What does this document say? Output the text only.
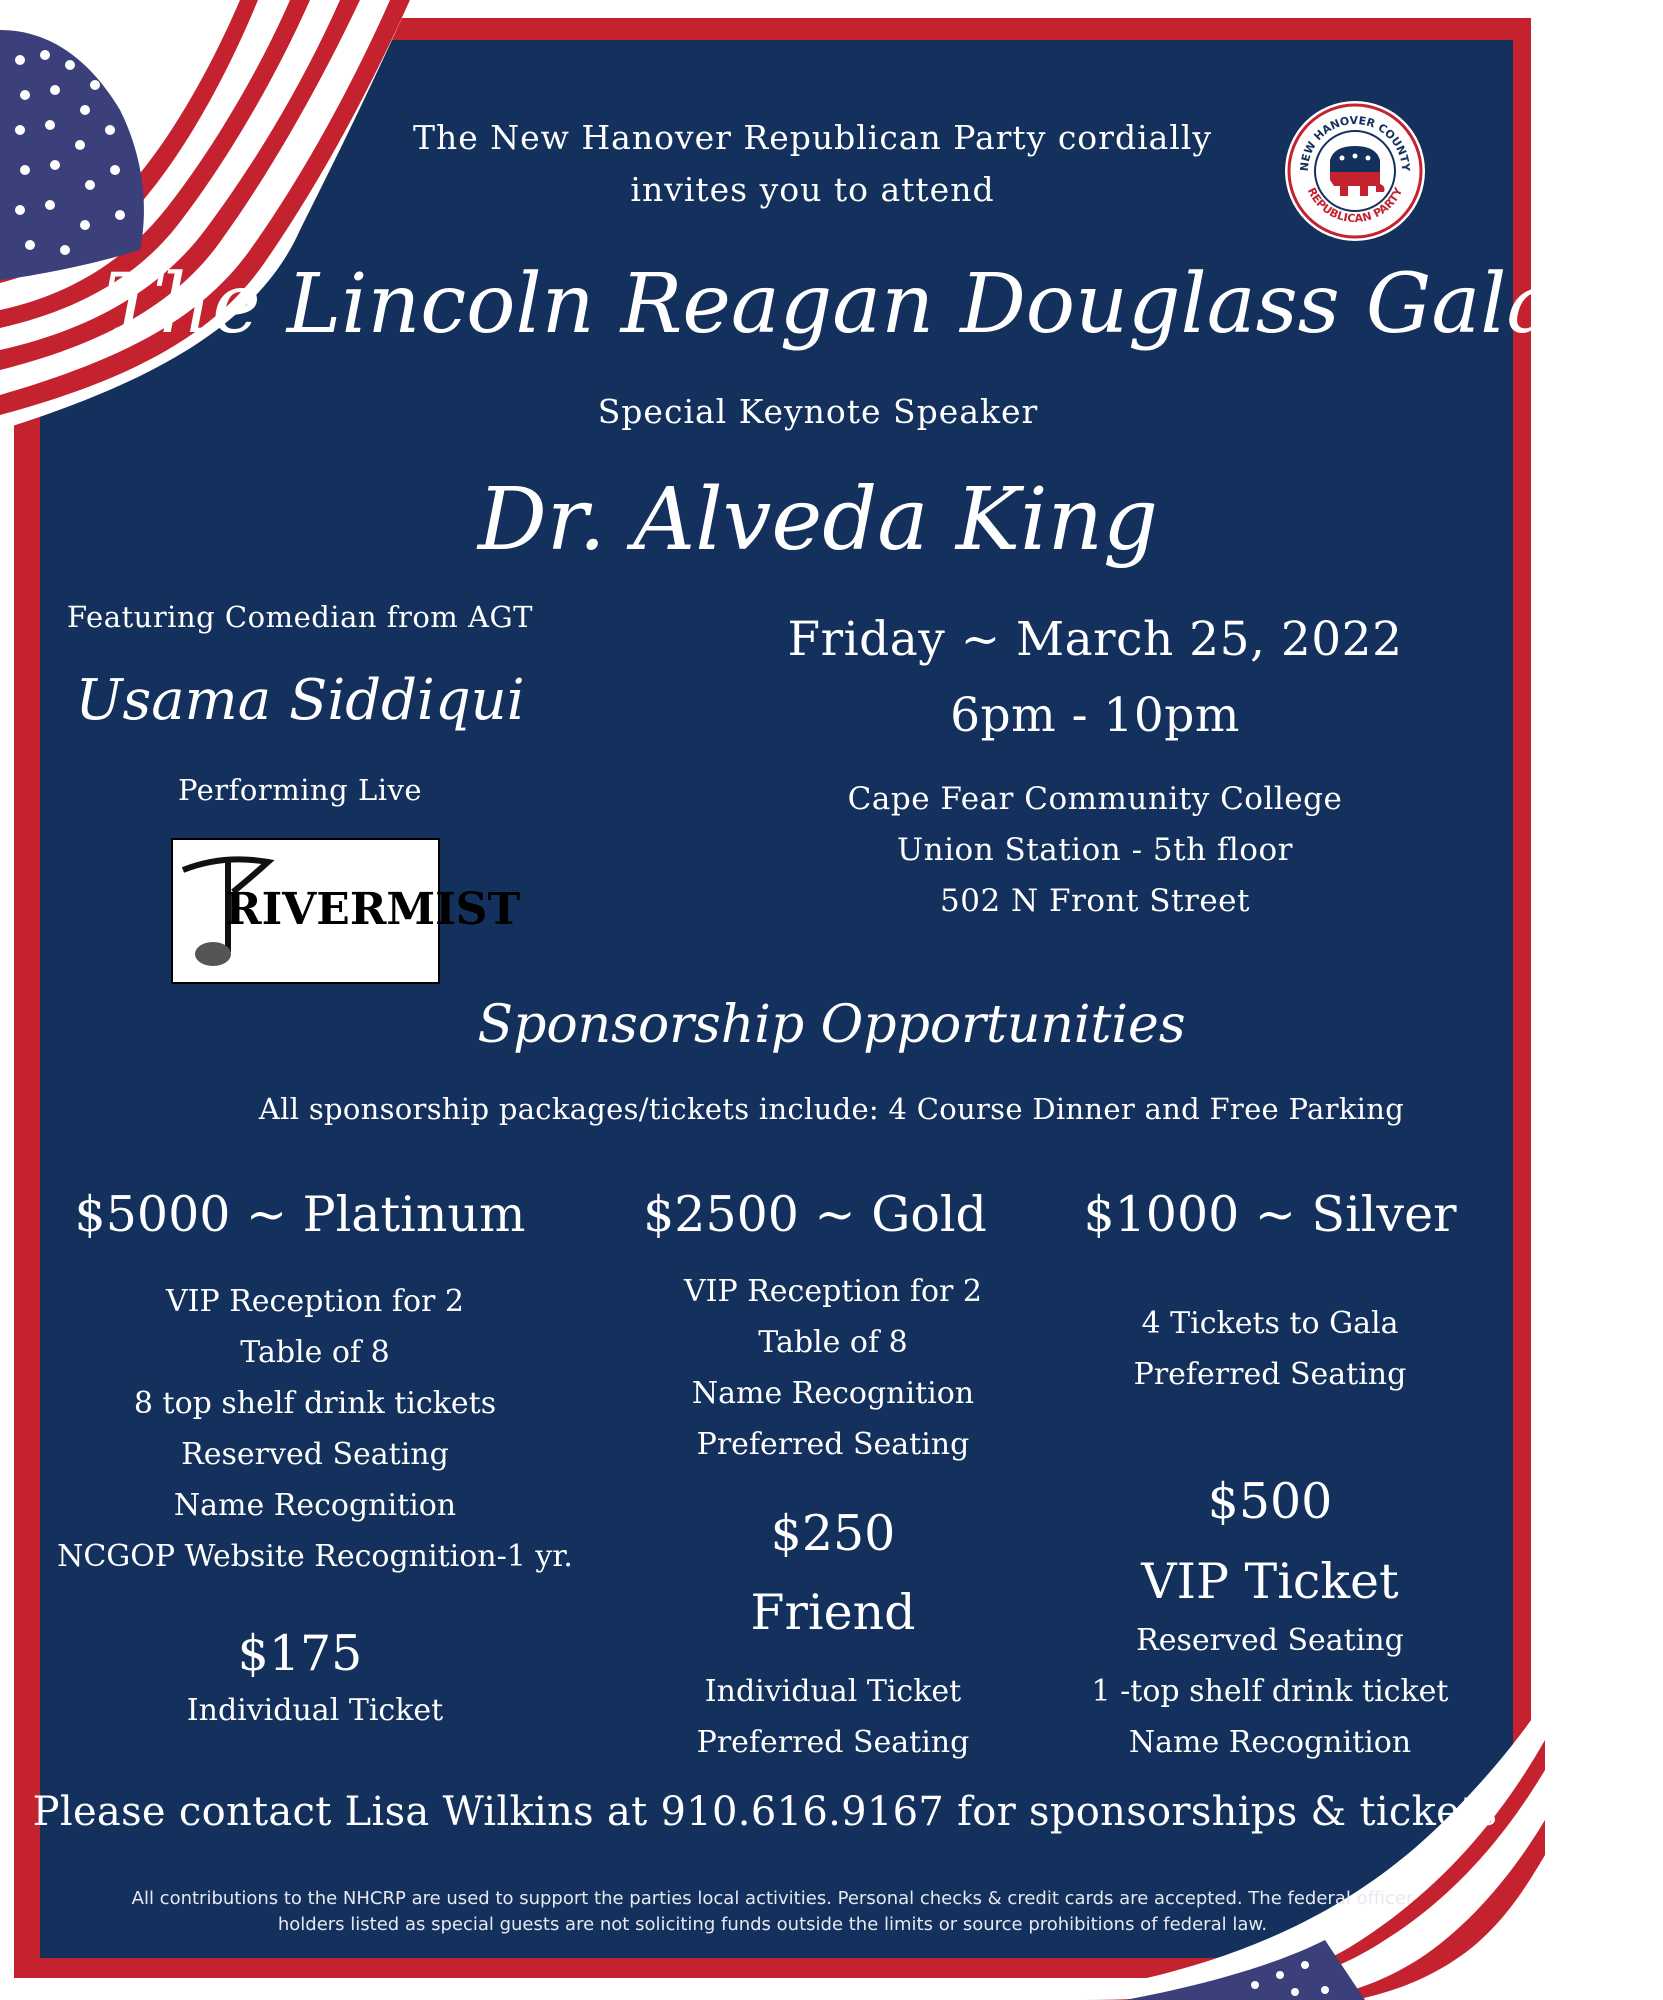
The New Hanover Republican Party cordially
invites you to attend
NEW HANOVER COUNTY
REPUBLICAN PARTY
The Lincoln Reagan Douglass Gala
Special Keynote Speaker
Dr. Alveda King
Featuring Comedian from AGT
Usama Siddiqui
Performing Live
RIVERMIST
Friday ~ March 25, 2022
6pm - 10pm
Cape Fear Community College
Union Station - 5th floor
502 N Front Street
Sponsorship Opportunities
All sponsorship packages/tickets include: 4 Course Dinner and Free Parking
$5000 ~ Platinum
VIP Reception for 2
Table of 8
8 top shelf drink tickets
Reserved Seating
Name Recognition
NCGOP Website Recognition-1 yr.
$175
Individual Ticket
$2500 ~ Gold
VIP Reception for 2
Table of 8
Name Recognition
Preferred Seating
$250
Friend
Individual Ticket
Preferred Seating
$1000 ~ Silver
4 Tickets to Gala
Preferred Seating
$500
VIP Ticket
Reserved Seating
1 -top shelf drink ticket
Name Recognition
Please contact Lisa Wilkins at 910.616.9167 for sponsorships & tickets
All contributions to the NHCRP are used to support the parties local activities. Personal checks & credit cards are accepted. The federal officer
holders listed as special guests are not soliciting funds outside the limits or source prohibitions of federal law.
